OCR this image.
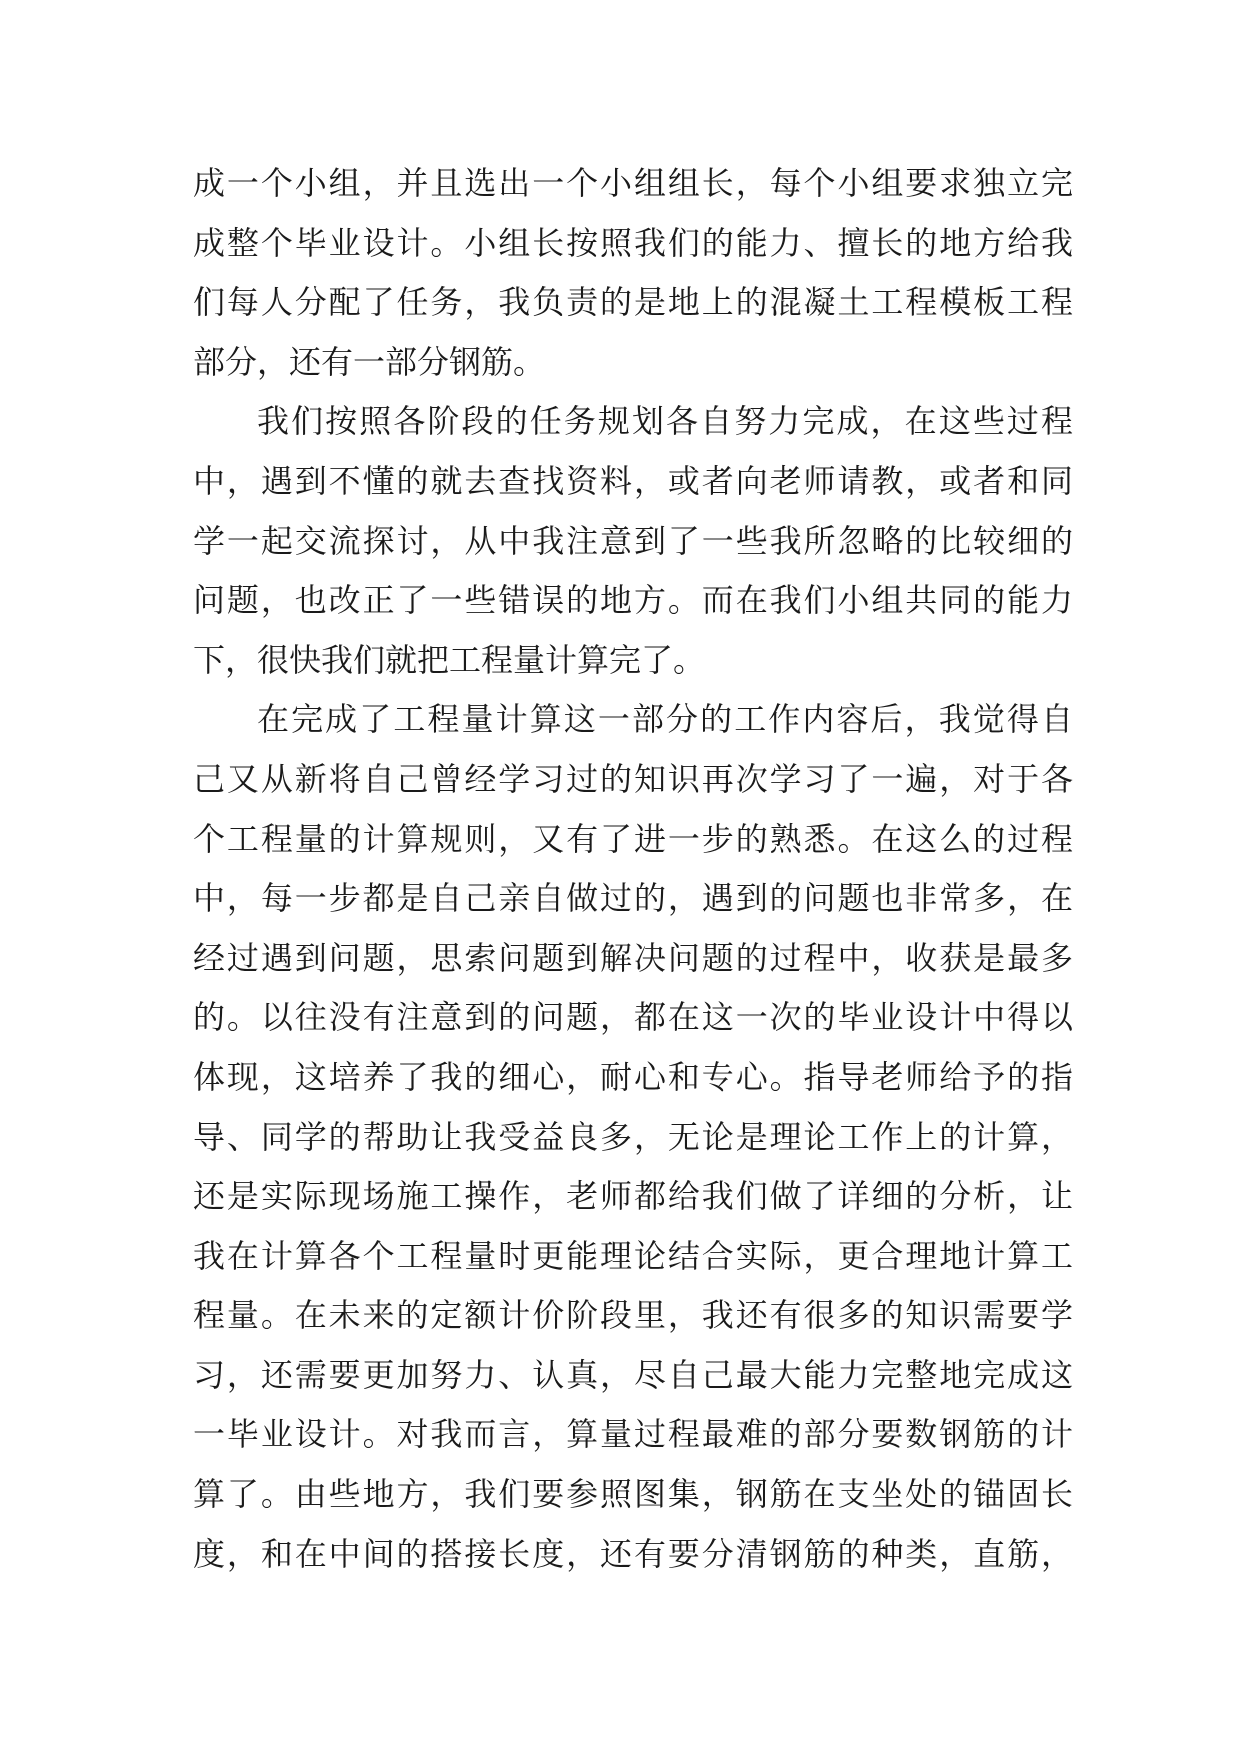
成一个小组，并且选出一个小组组长，每个小组要求独立完
成整个毕业设计。小组长按照我们的能力、擅长的地方给我
们每人分配了任务，我负责的是地上的混凝土工程模板工程
部分，还有一部分钢筋。
我们按照各阶段的任务规划各自努力完成，在这些过程
中，遇到不懂的就去查找资料，或者向老师请教，或者和同
学一起交流探讨，从中我注意到了一些我所忽略的比较细的
问题，也改正了一些错误的地方。而在我们小组共同的能力
下，很快我们就把工程量计算完了。
在完成了工程量计算这一部分的工作内容后，我觉得自
己又从新将自己曾经学习过的知识再次学习了一遍，对于各
个工程量的计算规则，又有了进一步的熟悉。在这么的过程
中，每一步都是自己亲自做过的，遇到的问题也非常多，在
经过遇到问题，思索问题到解决问题的过程中，收获是最多
的。以往没有注意到的问题，都在这一次的毕业设计中得以
体现，这培养了我的细心，耐心和专心。指导老师给予的指
导、同学的帮助让我受益良多，无论是理论工作上的计算，
还是实际现场施工操作，老师都给我们做了详细的分析，让
我在计算各个工程量时更能理论结合实际，更合理地计算工
程量。在未来的定额计价阶段里，我还有很多的知识需要学
习，还需要更加努力、认真，尽自己最大能力完整地完成这
一毕业设计。对我而言，算量过程最难的部分要数钢筋的计
算了。由些地方，我们要参照图集，钢筋在支坐处的锚固长
度，和在中间的搭接长度，还有要分清钢筋的种类，直筋，
